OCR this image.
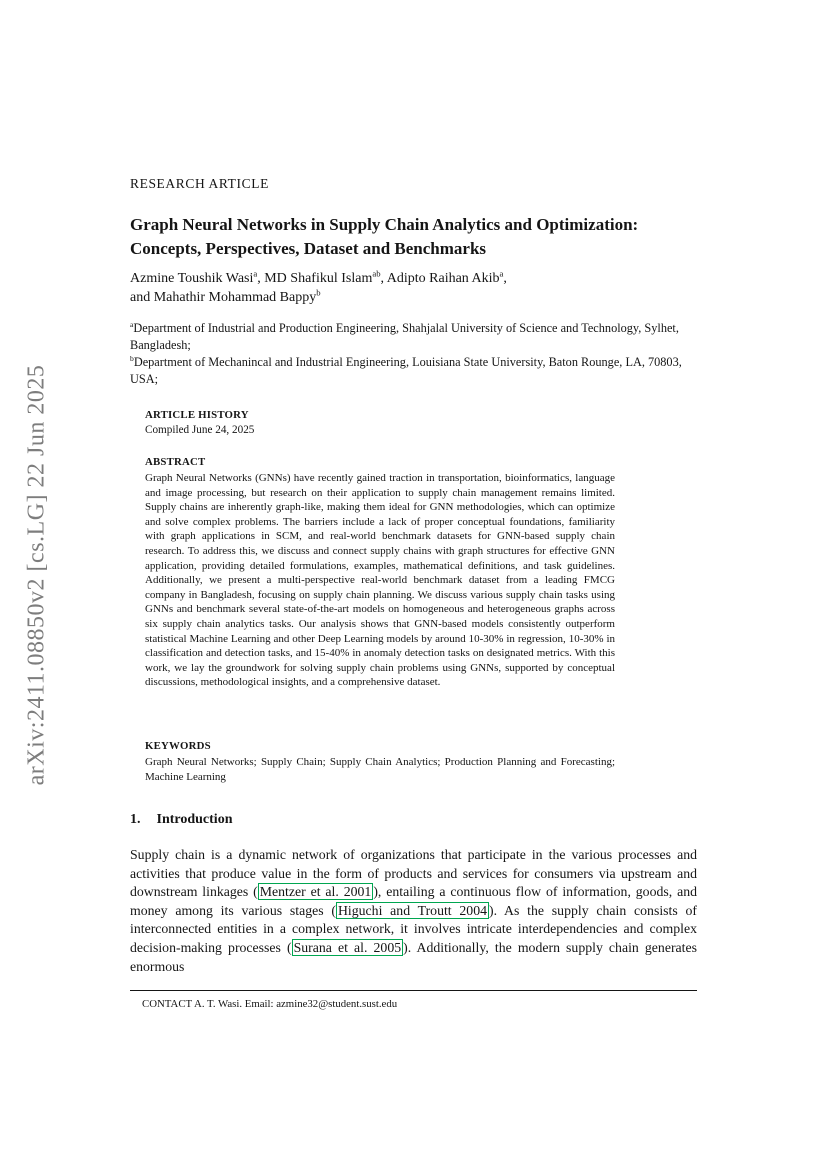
arXiv:2411.08850v2 [cs.LG] 22 Jun 2025
RESEARCH ARTICLE
Graph Neural Networks in Supply Chain Analytics and Optimization: Concepts, Perspectives, Dataset and Benchmarks

Azmine Toushik Wasi$^a$, MD Shafikul Islam$^{ab}$, Adipto Raihan Akib$^a$,
and Mahathir Mohammad Bappy$^b$

$^a$Department of Industrial and Production Engineering, Shahjalal University of Science and Technology, Sylhet, Bangladesh;
$^b$Department of Mechanincal and Industrial Engineering, Louisiana State University, Baton Rounge, LA, 70803, USA;

ARTICLE HISTORY

Compiled June 24, 2025

ABSTRACT

Graph Neural Networks (GNNs) have recently gained traction in transportation, bioinformatics, language and image processing, but research on their application to supply chain management remains limited. Supply chains are inherently graph-like, making them ideal for GNN methodologies, which can optimize and solve complex problems. The barriers include a lack of proper conceptual foundations, familiarity with graph applications in SCM, and real-world benchmark datasets for GNN-based supply chain research. To address this, we discuss and connect supply chains with graph structures for effective GNN application, providing detailed formulations, examples, mathematical definitions, and task guidelines. Additionally, we present a multi-perspective real-world benchmark dataset from a leading FMCG company in Bangladesh, focusing on supply chain planning. We discuss various supply chain tasks using GNNs and benchmark several state-of-the-art models on homogeneous and heterogeneous graphs across six supply chain analytics tasks. Our analysis shows that GNN-based models consistently outperform statistical Machine Learning and other Deep Learning models by around 10-30% in regression, 10-30% in classification and detection tasks, and 15-40% in anomaly detection tasks on designated metrics. With this work, we lay the groundwork for solving supply chain problems using GNNs, supported by conceptual discussions, methodological insights, and a comprehensive dataset.

KEYWORDS

Graph Neural Networks; Supply Chain; Supply Chain Analytics; Production Planning and Forecasting; Machine Learning

1. Introduction

Supply chain is a dynamic network of organizations that participate in the various processes and activities that produce value in the form of products and services for consumers via upstream and downstream linkages ( Mentzer et al. 2001 ), entailing a continuous flow of information, goods, and money among its various stages ( Higuchi and Troutt 2004 ). As the supply chain consists of interconnected entities in a complex network, it involves intricate interdependencies and complex decision-making processes ( Surana et al. 2005 ). Additionally, the modern supply chain generates enormous

CONTACT A. T. Wasi. Email: azmine32@student.sust.edu
